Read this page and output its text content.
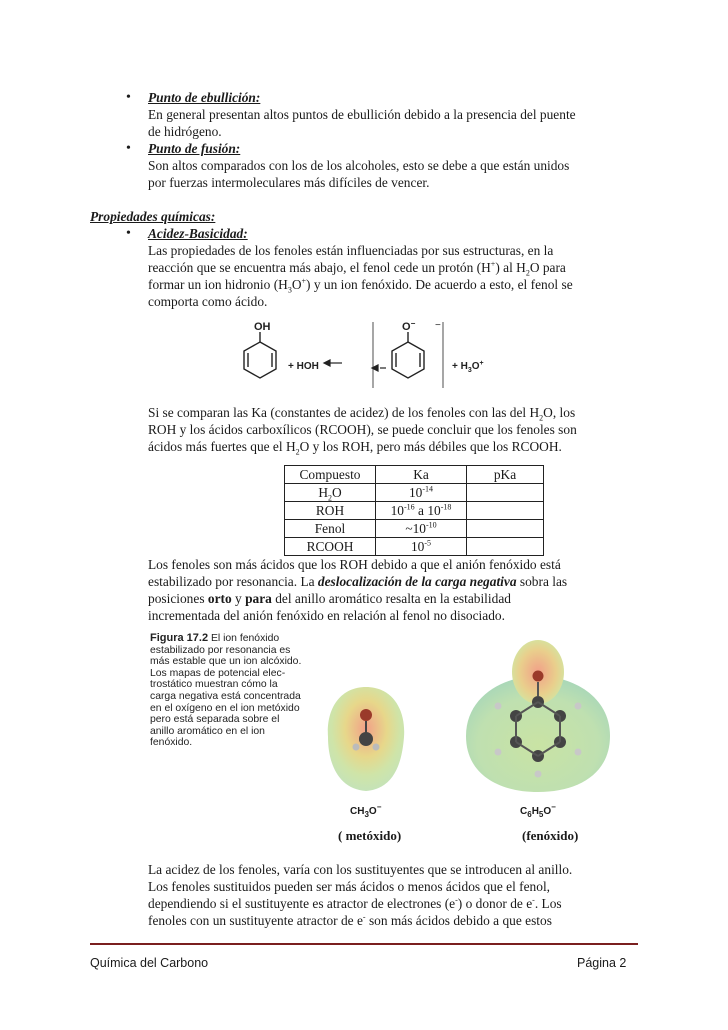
• Punto de ebullición:
En general presentan altos puntos de ebullición debido a la presencia del puente
de hidrógeno.
• Punto de fusión:
Son altos comparados con los de los alcoholes, esto se debe a que están unidos
por fuerzas intermoleculares más difíciles de vencer.
Propiedades químicas:
• Acidez-Basicidad:
Las propiedades de los fenoles están influenciadas por sus estructuras, en la
reacción que se encuentra más abajo, el fenol cede un protón (H+) al $H_2O$ para
formar un ion hidronio $(H_3O^+)$ y un ion fenóxido. De acuerdo a esto, el fenol se
comporta como ácido.
OH
+ HOH
O− −
+ $H_3O^+$
Si se comparan las Ka (constantes de acidez) de los fenoles con las del $H_2O$, los
ROH y los ácidos carboxílicos (RCOOH), se puede concluir que los fenoles son
ácidos más fuertes que el $H_2O$ y los ROH, pero más débiles que los RCOOH.
Compuesto	Ka	pKa
$H_2O$	$10^{-14}$	
ROH	$10^{-16}$ a $10^{-18}$	
Fenol	$\sim 10^{-10}$	
RCOOH	$10^{-5}$	
Los fenoles son más ácidos que los ROH debido a que el anión fenóxido está
estabilizado por resonancia. La deslocalización de la carga negativa sobra las
posiciones orto y para del anillo aromático resalta en la estabilidad
incrementada del anión fenóxido en relación al fenol no disociado.
Figura 17.2 El ion fenóxido
estabilizado por resonancia es
más estable que un ion alcóxido.
Los mapas de potencial elec-
trostático muestran cómo la
carga negativa está concentrada
en el oxígeno en el ion metóxido
pero está separada sobre el
anillo aromático en el ion
fenóxido.
$CH_3O^-$	$C_6H_5O^-$
( metóxido)	(fenóxido)
La acidez de los fenoles, varía con los sustituyentes que se introducen al anillo.
Los fenoles sustituidos pueden ser más ácidos o menos ácidos que el fenol,
dependiendo si el sustituyente es atractor de electrones (e-) o donor de e-. Los
fenoles con un sustituyente atractor de e- son más ácidos debido a que estos
Química del Carbono	Página 2
